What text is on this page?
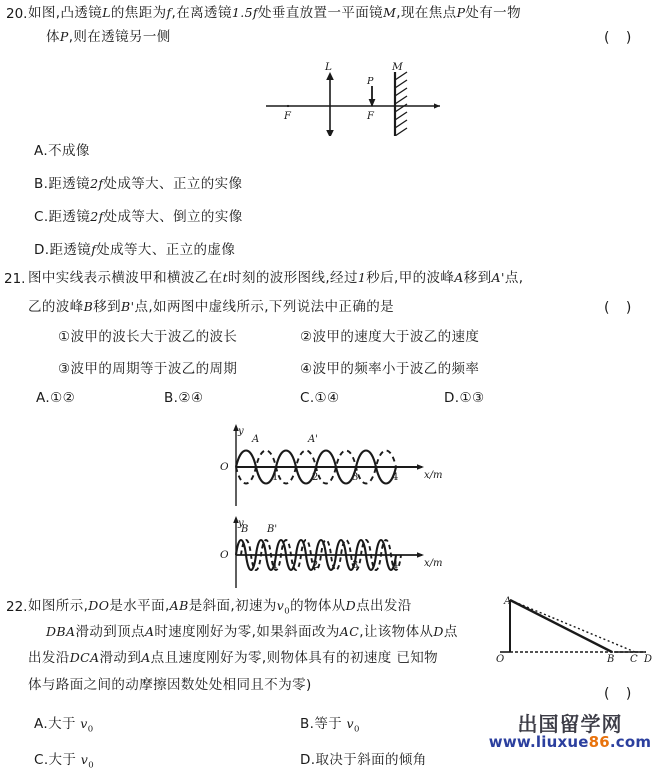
20. 如图,凸透镜L的焦距为f,在离透镜1.5f处垂直放置一平面镜M,现在焦点P处有一物
体P,则在透镜另一侧	( )
L
F	F
P
M
A.不成像
B.距透镜2f处成等大、正立的实像
C.距透镜2f处成等大、倒立的实像
D.距透镜f处成等大、正立的虚像
21. 图中实线表示横波甲和横波乙在t时刻的波形图线,经过1秒后,甲的波峰A移到A'点,
乙的波峰B移到B'点,如两图中虚线所示,下列说法中正确的是	( )
①波甲的波长大于波乙的波长	②波甲的速度大于波乙的速度
③波甲的周期等于波乙的周期	④波甲的频率小于波乙的频率
A.①②	B.②④	C.①④	D.①③
y
O
x/m
1	2	3	4
A	A'
y
O
x/m
1	2	3	4
B B'
22. 如图所示,DO是水平面,AB是斜面,初速为$v_0$的物体从D点出发沿
DBA滑动到顶点A时速度刚好为零,如果斜面改为AC,让该物体从D点
出发沿DCA滑动到A点且速度刚好为零,则物体具有的初速度 已知物
体与路面之间的动摩擦因数处处相同且不为零)
( )
A
O	B C D
A.大于 $v_0$	B.等于 $v_0$
C.大于 $v_0$	D.取决于斜面的倾角
出国留学网
www.liuxue86.com
